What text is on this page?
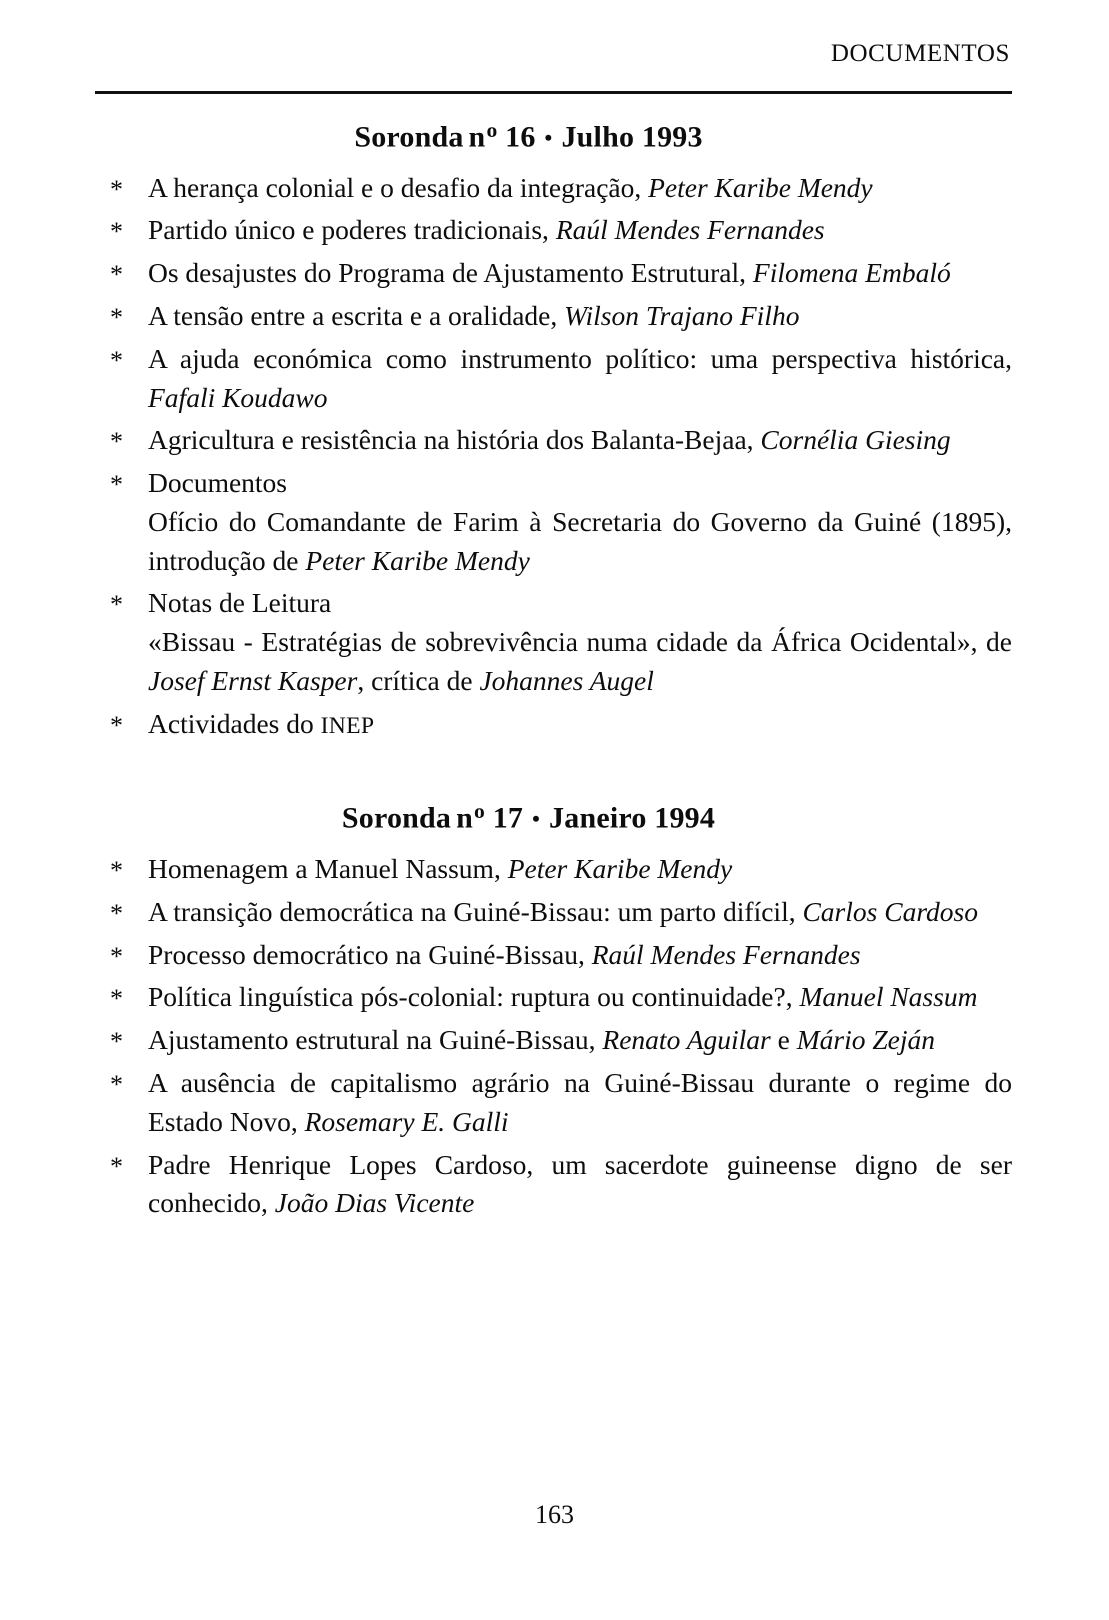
DOCUMENTOS
Soronda $n^o$ 16 • Julho 1993
* A herança colonial e o desafio da integração, Peter Karibe Mendy
* Partido único e poderes tradicionais, Raúl Mendes Fernandes
* Os desajustes do Programa de Ajustamento Estrutural, Filomena Embaló
* A tensão entre a escrita e a oralidade, Wilson Trajano Filho
* A ajuda económica como instrumento político: uma perspectiva histórica, Fafali Koudawo
* Agricultura e resistência na história dos Balanta-Bejaa, Cornélia Giesing
* Documentos
Ofício do Comandante de Farim à Secretaria do Governo da Guiné (1895), introdução de Peter Karibe Mendy
* Notas de Leitura
«Bissau - Estratégias de sobrevivência numa cidade da África Ocidental», de Josef Ernst Kasper, crítica de Johannes Augel
* Actividades do INEP
Soronda $n^o$ 17 • Janeiro 1994
* Homenagem a Manuel Nassum, Peter Karibe Mendy
* A transição democrática na Guiné-Bissau: um parto difícil, Carlos Cardoso
* Processo democrático na Guiné-Bissau, Raúl Mendes Fernandes
* Política linguística pós-colonial: ruptura ou continuidade?, Manuel Nassum
* Ajustamento estrutural na Guiné-Bissau, Renato Aguilar e Mário Zeján
* A ausência de capitalismo agrário na Guiné-Bissau durante o regime do Estado Novo, Rosemary E. Galli
* Padre Henrique Lopes Cardoso, um sacerdote guineense digno de ser conhecido, João Dias Vicente
163
